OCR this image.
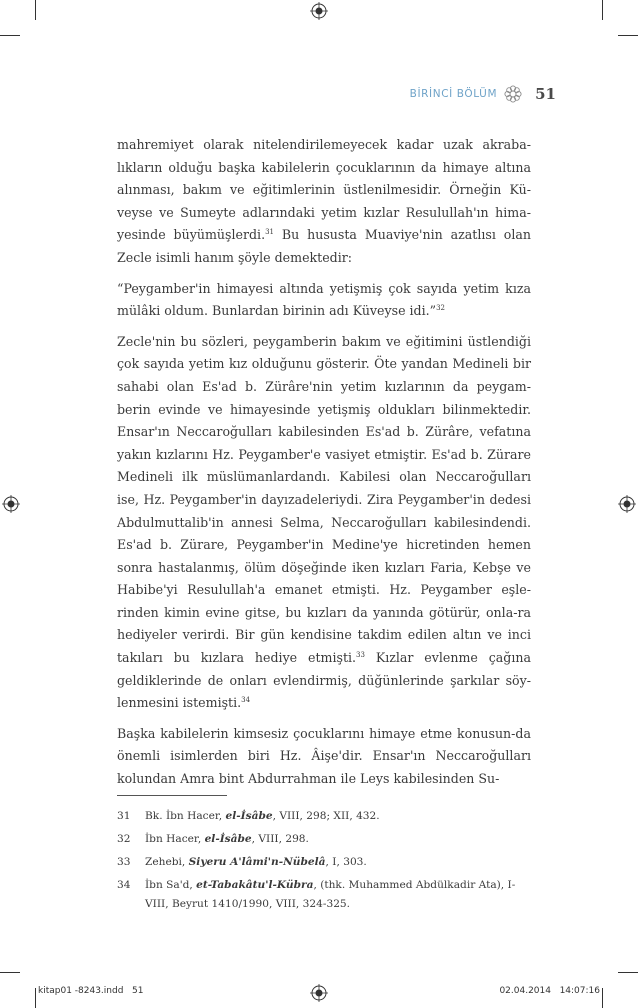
BİRİNCİ BÖLÜM	51

mahremiyet olarak nitelendirilemeyecek kadar uzak akraba-lıkların olduğu başka kabilelerin çocuklarının da himaye altına alınması, bakım ve eğitimlerinin üstlenilmesidir. Örneğin Kü-veyse ve Sumeyte adlarındaki yetim kızlar Resulullah'ın hima-yesinde büyümüşlerdi.$^{31}$ Bu hususta Muaviye'nin azatlısı olan Zecle isimli hanım şöyle demektedir:

“Peygamber'in himayesi altında yetişmiş çok sayıda yetim kıza mülâki oldum. Bunlardan birinin adı Küveyse idi.”$^{32}$

Zecle'nin bu sözleri, peygamberin bakım ve eğitimini üstlendiği çok sayıda yetim kız olduğunu gösterir. Öte yandan Medineli bir sahabi olan Es'ad b. Zürâre'nin yetim kızlarının da peygam-berin evinde ve himayesinde yetişmiş oldukları bilinmektedir. Ensar'ın Neccaroğulları kabilesinden Es'ad b. Zürâre, vefatına yakın kızlarını Hz. Peygamber'e vasiyet etmiştir. Es'ad b. Zürare Medineli ilk müslümanlardandı. Kabilesi olan Neccaroğulları ise, Hz. Peygamber'in dayızadeleriydi. Zira Peygamber'in dedesi Abdulmuttalib'in annesi Selma, Neccaroğulları kabilesindendi. Es'ad b. Zürare, Peygamber'in Medine'ye hicretinden hemen sonra hastalanmış, ölüm döşeğinde iken kızları Faria, Kebşe ve Habibe'yi Resulullah'a emanet etmişti. Hz. Peygamber eşle-rinden kimin evine gitse, bu kızları da yanında götürür, onla-ra hediyeler verirdi. Bir gün kendisine takdim edilen altın ve inci takıları bu kızlara hediye etmişti.$^{33}$ Kızlar evlenme çağına geldiklerinde de onları evlendirmiş, düğünlerinde şarkılar söy-lenmesini istemişti.$^{34}$

Başka kabilelerin kimsesiz çocuklarını himaye etme konusun-da önemli isimlerden biri Hz. Âişe'dir. Ensar'ın Neccaroğulları kolundan Amra bint Abdurrahman ile Leys kabilesinden Su-

31	Bk. İbn Hacer, el-İsâbe, VIII, 298; XII, 432.
32	İbn Hacer, el-İsâbe, VIII, 298.
33	Zehebi, Siyeru A'lâmi'n-Nübelâ, I, 303.
34	İbn Sa'd, et-Tabakâtu'l-Kübra, (thk. Muhammed Abdülkadir Ata), I-VIII, Beyrut 1410/1990, VIII, 324-325.
kitap01 -8243.indd   51	02.04.2014   14:07:16
